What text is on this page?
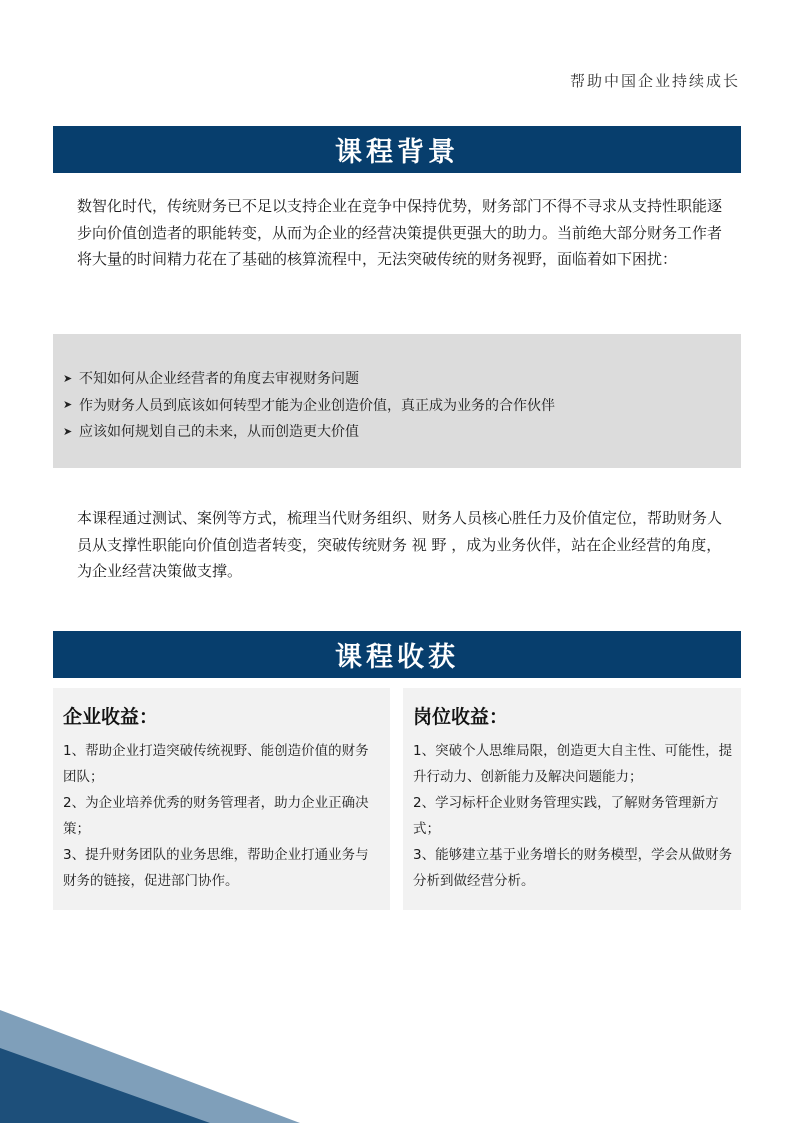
帮助中国企业持续成长
课程背景

数智化时代，传统财务已不足以支持企业在竞争中保持优势，财务部门不得不寻求从支持性职能逐步向价值创造者的职能转变，从而为企业的经营决策提供更强大的助力。当前绝大部分财务工作者将大量的时间精力花在了基础的核算流程中，无法突破传统的财务视野，面临着如下困扰：

➤ 不知如何从企业经营者的角度去审视财务问题
➤ 作为财务人员到底该如何转型才能为企业创造价值，真正成为业务的合作伙伴
➤ 应该如何规划自己的未来，从而创造更大价值

本课程通过测试、案例等方式，梳理当代财务组织、财务人员核心胜任力及价值定位，帮助财务人员从支撑性职能向价值创造者转变，突破传统财务 视 野 ，成为业务伙伴，站在企业经营的角度，为企业经营决策做支撑。

课程收获
企业收益：

1、帮助企业打造突破传统视野、能创造价值的财务团队；

2、为企业培养优秀的财务管理者，助力企业正确决策；

3、提升财务团队的业务思维，帮助企业打通业务与财务的链接，促进部门协作。

岗位收益：

1、突破个人思维局限，创造更大自主性、可能性，提升行动力、创新能力及解决问题能力；

2、学习标杆企业财务管理实践，了解财务管理新方式；

3、能够建立基于业务增长的财务模型，学会从做财务分析到做经营分析。
